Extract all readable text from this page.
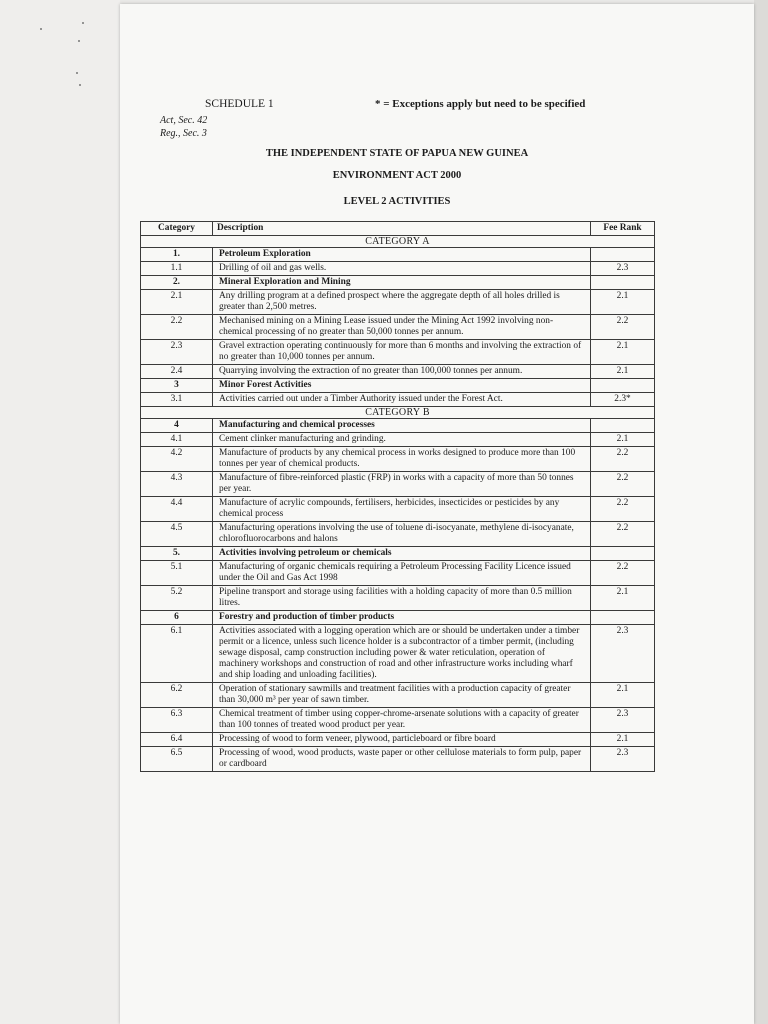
SCHEDULE 1	* = Exceptions apply but need to be specified
Act, Sec. 42
Reg., Sec. 3
THE INDEPENDENT STATE OF PAPUA NEW GUINEA
ENVIRONMENT ACT 2000
LEVEL 2 ACTIVITIES
Category	Description	Fee Rank
CATEGORY A		
1.	Petroleum Exploration	
1.1	Drilling of oil and gas wells.	2.3
2.	Mineral Exploration and Mining	
2.1	Any drilling program at a defined prospect where the aggregate depth of all holes drilled is greater than 2,500 metres.	2.1
2.2	Mechanised mining on a Mining Lease issued under the Mining Act 1992 involving non- chemical processing of no greater than 50,000 tonnes per annum.	2.2
2.3	Gravel extraction operating continuously for more than 6 months and involving the extraction of no greater than 10,000 tonnes per annum.	2.1
2.4	Quarrying involving the extraction of no greater than 100,000 tonnes per annum.	2.1
3	Minor Forest Activities	
3.1	Activities carried out under a Timber Authority issued under the Forest Act.	2.3*
CATEGORY B		
4	Manufacturing and chemical processes	
4.1	Cement clinker manufacturing and grinding.	2.1
4.2	Manufacture of products by any chemical process in works designed to produce more than 100 tonnes per year of chemical products.	2.2
4.3	Manufacture of fibre-reinforced plastic (FRP) in works with a capacity of more than 50 tonnes per year.	2.2
4.4	Manufacture of acrylic compounds, fertilisers, herbicides, insecticides or pesticides by any chemical process	2.2
4.5	Manufacturing operations involving the use of toluene di-isocyanate, methylene di-isocyanate, chlorofluorocarbons and halons	2.2
5.	Activities involving petroleum or chemicals	
5.1	Manufacturing of organic chemicals requiring a Petroleum Processing Facility Licence issued under the Oil and Gas Act 1998	2.2
5.2	Pipeline transport and storage using facilities with a holding capacity of more than 0.5 million litres.	2.1
6	Forestry and production of timber products	
6.1	Activities associated with a logging operation which are or should be undertaken under a timber permit or a licence, unless such licence holder is a subcontractor of a timber permit, (including sewage disposal, camp construction including power & water reticulation, operation of machinery workshops and construction of road and other infrastructure works including wharf and ship loading and unloading facilities).	2.3
6.2	Operation of stationary sawmills and treatment facilities with a production capacity of greater than 30,000 m³ per year of sawn timber.	2.1
6.3	Chemical treatment of timber using copper-chrome-arsenate solutions with a capacity of greater than 100 tonnes of treated wood product per year.	2.3
6.4	Processing of wood to form veneer, plywood, particleboard or fibre board	2.1
6.5	Processing of wood, wood products, waste paper or other cellulose materials to form pulp, paper or cardboard	2.3
